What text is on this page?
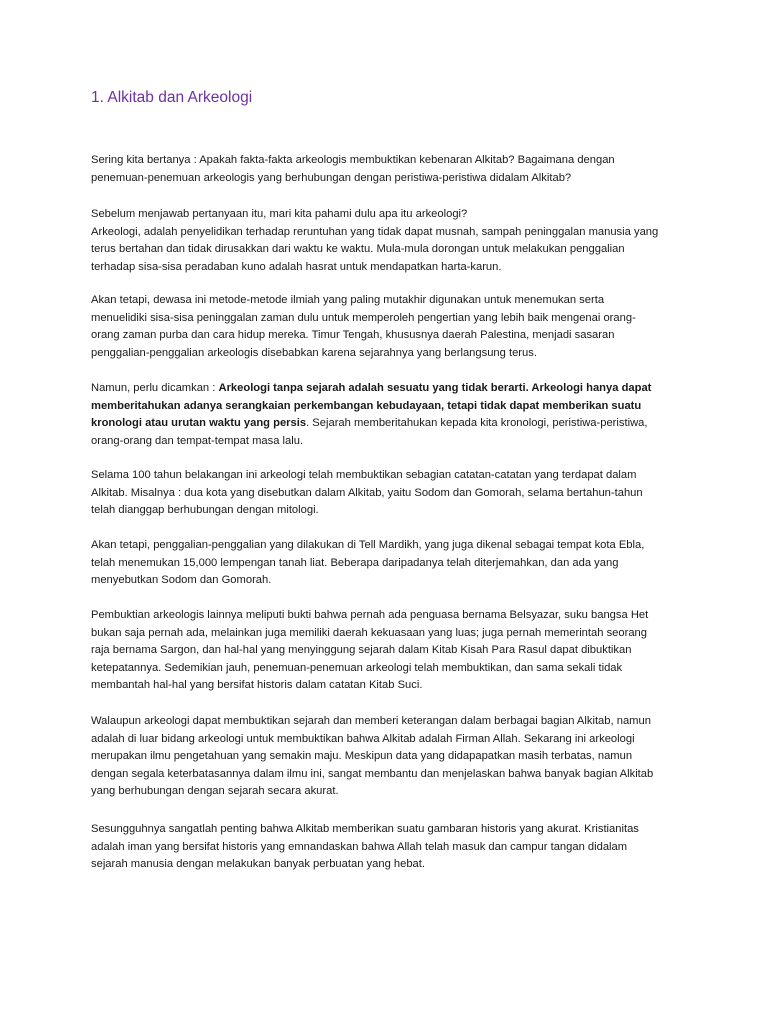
1. Alkitab dan Arkeologi

Sering kita bertanya : Apakah fakta-fakta arkeologis membuktikan kebenaran Alkitab? Bagaimana dengan
penemuan-penemuan arkeologis yang berhubungan dengan peristiwa-peristiwa didalam Alkitab?

Sebelum menjawab pertanyaan itu, mari kita pahami dulu apa itu arkeologi?
Arkeologi, adalah penyelidikan terhadap reruntuhan yang tidak dapat musnah, sampah peninggalan manusia yang
terus bertahan dan tidak dirusakkan dari waktu ke waktu. Mula-mula dorongan untuk melakukan penggalian
terhadap sisa-sisa peradaban kuno adalah hasrat untuk mendapatkan harta-karun.

Akan tetapi, dewasa ini metode-metode ilmiah yang paling mutakhir digunakan untuk menemukan serta
menuelidiki sisa-sisa peninggalan zaman dulu untuk memperoleh pengertian yang lebih baik mengenai orang-
orang zaman purba dan cara hidup mereka. Timur Tengah, khususnya daerah Palestina, menjadi sasaran
penggalian-penggalian arkeologis disebabkan karena sejarahnya yang berlangsung terus.

Namun, perlu dicamkan : Arkeologi tanpa sejarah adalah sesuatu yang tidak berarti. Arkeologi hanya dapat
memberitahukan adanya serangkaian perkembangan kebudayaan, tetapi tidak dapat memberikan suatu
kronologi atau urutan waktu yang persis. Sejarah memberitahukan kepada kita kronologi, peristiwa-peristiwa,
orang-orang dan tempat-tempat masa lalu.

Selama 100 tahun belakangan ini arkeologi telah membuktikan sebagian catatan-catatan yang terdapat dalam
Alkitab. Misalnya : dua kota yang disebutkan dalam Alkitab, yaitu Sodom dan Gomorah, selama bertahun-tahun
telah dianggap berhubungan dengan mitologi.

Akan tetapi, penggalian-penggalian yang dilakukan di Tell Mardikh, yang juga dikenal sebagai tempat kota Ebla,
telah menemukan 15,000 lempengan tanah liat. Beberapa daripadanya telah diterjemahkan, dan ada yang
menyebutkan Sodom dan Gomorah.

Pembuktian arkeologis lainnya meliputi bukti bahwa pernah ada penguasa bernama Belsyazar, suku bangsa Het
bukan saja pernah ada, melainkan juga memiliki daerah kekuasaan yang luas; juga pernah memerintah seorang
raja bernama Sargon, dan hal-hal yang menyinggung sejarah dalam Kitab Kisah Para Rasul dapat dibuktikan
ketepatannya. Sedemikian jauh, penemuan-penemuan arkeologi telah membuktikan, dan sama sekali tidak
membantah hal-hal yang bersifat historis dalam catatan Kitab Suci.

Walaupun arkeologi dapat membuktikan sejarah dan memberi keterangan dalam berbagai bagian Alkitab, namun
adalah di luar bidang arkeologi untuk membuktikan bahwa Alkitab adalah Firman Allah. Sekarang ini arkeologi
merupakan ilmu pengetahuan yang semakin maju. Meskipun data yang didapapatkan masih terbatas, namun
dengan segala keterbatasannya dalam ilmu ini, sangat membantu dan menjelaskan bahwa banyak bagian Alkitab
yang berhubungan dengan sejarah secara akurat.

Sesungguhnya sangatlah penting bahwa Alkitab memberikan suatu gambaran historis yang akurat. Kristianitas
adalah iman yang bersifat historis yang emnandaskan bahwa Allah telah masuk dan campur tangan didalam
sejarah manusia dengan melakukan banyak perbuatan yang hebat.
